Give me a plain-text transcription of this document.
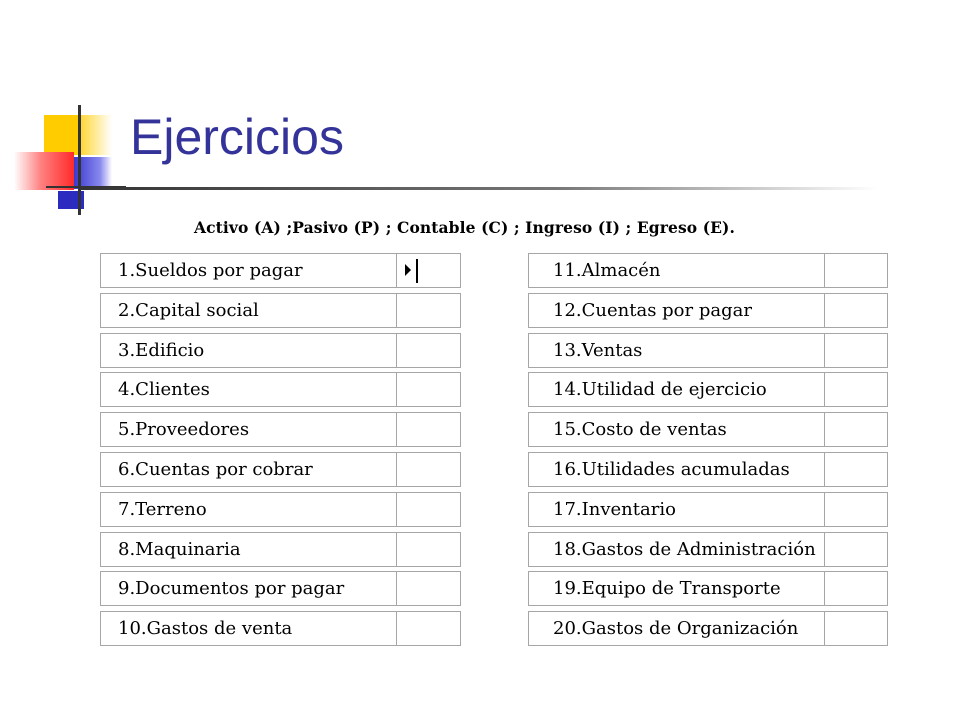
Ejercicios
Activo (A) ;Pasivo (P) ; Contable (C) ; Ingreso (I) ; Egreso (E).
1.Sueldos por pagar
2.Capital social
3.Edificio
4.Clientes
5.Proveedores
6.Cuentas por cobrar
7.Terreno
8.Maquinaria
9.Documentos por pagar
10.Gastos de venta
11.Almacén
12.Cuentas por pagar
13.Ventas
14.Utilidad de ejercicio
15.Costo de ventas
16.Utilidades acumuladas
17.Inventario
18.Gastos de Administración
19.Equipo de Transporte
20.Gastos de Organización
